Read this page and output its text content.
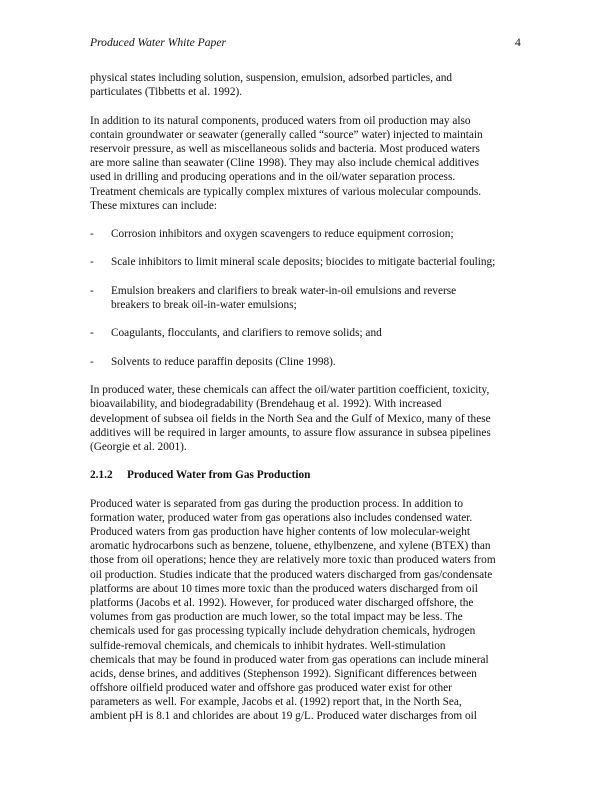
Produced Water White Paper	4
physical states including solution, suspension, emulsion, adsorbed particles, and
particulates (Tibbetts et al. 1992).
In addition to its natural components, produced waters from oil production may also
contain groundwater or seawater (generally called “source” water) injected to maintain
reservoir pressure, as well as miscellaneous solids and bacteria. Most produced waters
are more saline than seawater (Cline 1998). They may also include chemical additives
used in drilling and producing operations and in the oil/water separation process.
Treatment chemicals are typically complex mixtures of various molecular compounds.
These mixtures can include:
- Corrosion inhibitors and oxygen scavengers to reduce equipment corrosion;
- Scale inhibitors to limit mineral scale deposits; biocides to mitigate bacterial fouling;
- Emulsion breakers and clarifiers to break water-in-oil emulsions and reverse
breakers to break oil-in-water emulsions;
- Coagulants, flocculants, and clarifiers to remove solids; and
- Solvents to reduce paraffin deposits (Cline 1998).
In produced water, these chemicals can affect the oil/water partition coefficient, toxicity,
bioavailability, and biodegradability (Brendehaug et al. 1992). With increased
development of subsea oil fields in the North Sea and the Gulf of Mexico, many of these
additives will be required in larger amounts, to assure flow assurance in subsea pipelines
(Georgie et al. 2001).
2.1.2 Produced Water from Gas Production
Produced water is separated from gas during the production process. In addition to
formation water, produced water from gas operations also includes condensed water.
Produced waters from gas production have higher contents of low molecular-weight
aromatic hydrocarbons such as benzene, toluene, ethylbenzene, and xylene (BTEX) than
those from oil operations; hence they are relatively more toxic than produced waters from
oil production. Studies indicate that the produced waters discharged from gas/condensate
platforms are about 10 times more toxic than the produced waters discharged from oil
platforms (Jacobs et al. 1992). However, for produced water discharged offshore, the
volumes from gas production are much lower, so the total impact may be less. The
chemicals used for gas processing typically include dehydration chemicals, hydrogen
sulfide-removal chemicals, and chemicals to inhibit hydrates. Well-stimulation
chemicals that may be found in produced water from gas operations can include mineral
acids, dense brines, and additives (Stephenson 1992). Significant differences between
offshore oilfield produced water and offshore gas produced water exist for other
parameters as well. For example, Jacobs et al. (1992) report that, in the North Sea,
ambient pH is 8.1 and chlorides are about 19 g/L. Produced water discharges from oil
